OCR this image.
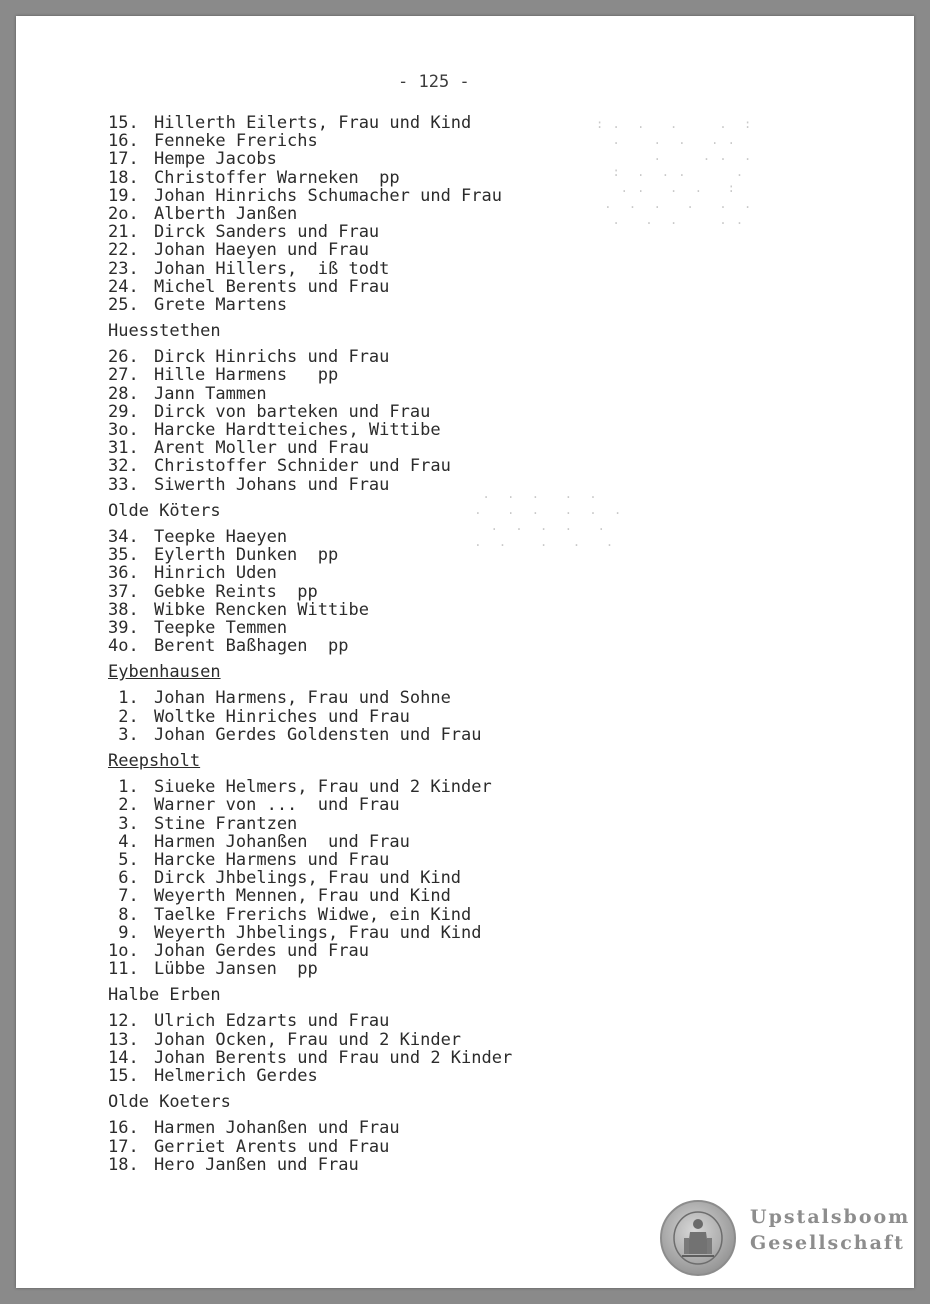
: .  .   .     .  :
.    .  .   . .
.     . .  .
:  .  . .      .
. .   .  .   :
.  .  .   .   .  .
.   .  .     . .
.  .  .   .  .
.   .  .   .  .  .
.  .  .  .   .
.  .    .   .   .
- 125 -
15. Hillerth Eilerts, Frau und Kind
16. Fenneke Frerichs
17. Hempe Jacobs
18. Christoffer Warneken  pp
19. Johan Hinrichs Schumacher und Frau
2o. Alberth Janßen
21. Dirck Sanders und Frau
22. Johan Haeyen und Frau
23. Johan Hillers,  iß todt
24. Michel Berents und Frau
25. Grete Martens
Huesstethen
26. Dirck Hinrichs und Frau
27. Hille Harmens   pp
28. Jann Tammen
29. Dirck von barteken und Frau
3o. Harcke Hardtteiches, Wittibe
31. Arent Moller und Frau
32. Christoffer Schnider und Frau
33. Siwerth Johans und Frau
Olde Köters
34. Teepke Haeyen
35. Eylerth Dunken  pp
36. Hinrich Uden
37. Gebke Reints  pp
38. Wibke Rencken Wittibe
39. Teepke Temmen
4o. Berent Baßhagen  pp
Eybenhausen
1. Johan Harmens, Frau und Sohne
2. Woltke Hinriches und Frau
3. Johan Gerdes Goldensten und Frau
Reepsholt
1. Siueke Helmers, Frau und 2 Kinder
2. Warner von ...  und Frau
3. Stine Frantzen
4. Harmen Johanßen  und Frau
5. Harcke Harmens und Frau
6. Dirck Jhbelings, Frau und Kind
7. Weyerth Mennen, Frau und Kind
8. Taelke Frerichs Widwe, ein Kind
9. Weyerth Jhbelings, Frau und Kind
1o. Johan Gerdes und Frau
11. Lübbe Jansen  pp
Halbe Erben
12. Ulrich Edzarts und Frau
13. Johan Ocken, Frau und 2 Kinder
14. Johan Berents und Frau und 2 Kinder
15. Helmerich Gerdes
Olde Koeters
16. Harmen Johanßen und Frau
17. Gerriet Arents und Frau
18. Hero Janßen und Frau
Upstalsboom
Gesellschaft
